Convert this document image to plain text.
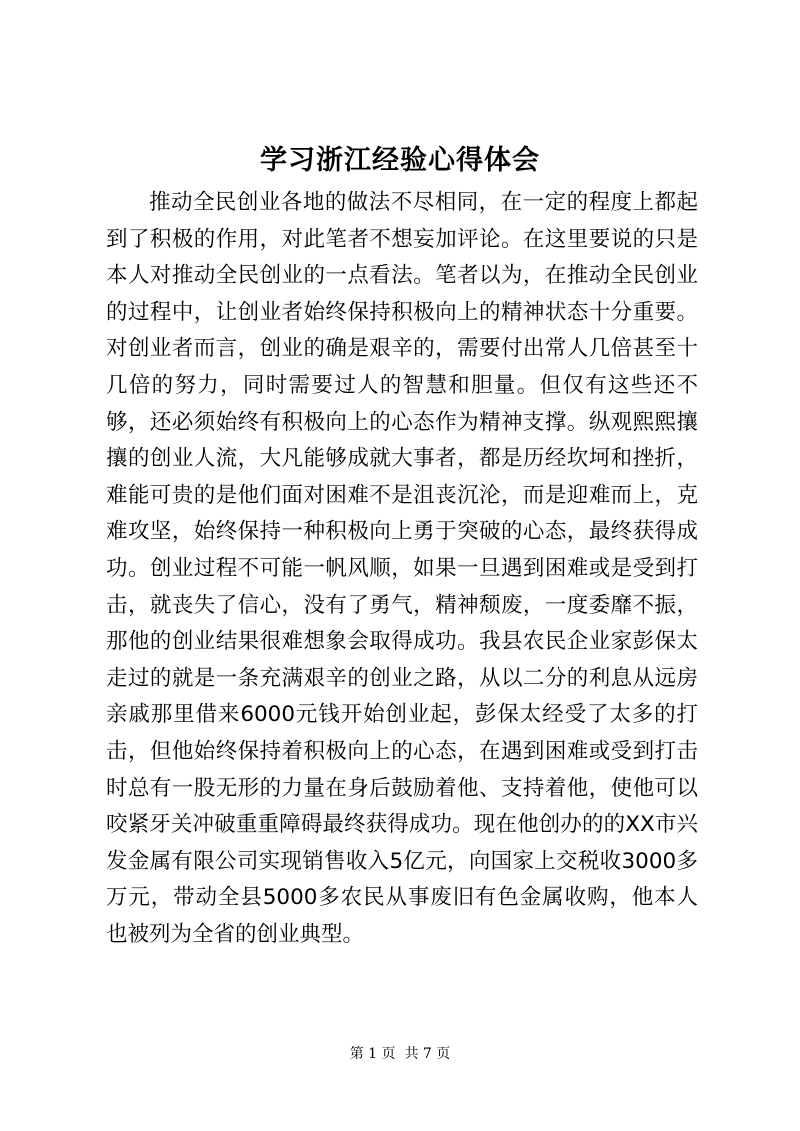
学习浙江经验心得体会

推动全民创业各地的做法不尽相同，在一定的程度上都起到了积极的作用，对此笔者不想妄加评论。在这里要说的只是本人对推动全民创业的一点看法。笔者以为，在推动全民创业的过程中，让创业者始终保持积极向上的精神状态十分重要。对创业者而言，创业的确是艰辛的，需要付出常人几倍甚至十几倍的努力，同时需要过人的智慧和胆量。但仅有这些还不够，还必须始终有积极向上的心态作为精神支撑。纵观熙熙攘攘的创业人流，大凡能够成就大事者，都是历经坎坷和挫折，难能可贵的是他们面对困难不是沮丧沉沦，而是迎难而上，克难攻坚，始终保持一种积极向上勇于突破的心态，最终获得成功。创业过程不可能一帆风顺，如果一旦遇到困难或是受到打击，就丧失了信心，没有了勇气，精神颓废，一度委靡不振，那他的创业结果很难想象会取得成功。我县农民企业家彭保太走过的就是一条充满艰辛的创业之路，从以二分的利息从远房亲戚那里借来6000元钱开始创业起，彭保太经受了太多的打击，但他始终保持着积极向上的心态，在遇到困难或受到打击时总有一股无形的力量在身后鼓励着他、支持着他，使他可以咬紧牙关冲破重重障碍最终获得成功。现在他创办的的XX市兴发金属有限公司实现销售收入5亿元，向国家上交税收3000多万元，带动全县5000多农民从事废旧有色金属收购，他本人也被列为全省的创业典型。

第 1 页  共 7 页
